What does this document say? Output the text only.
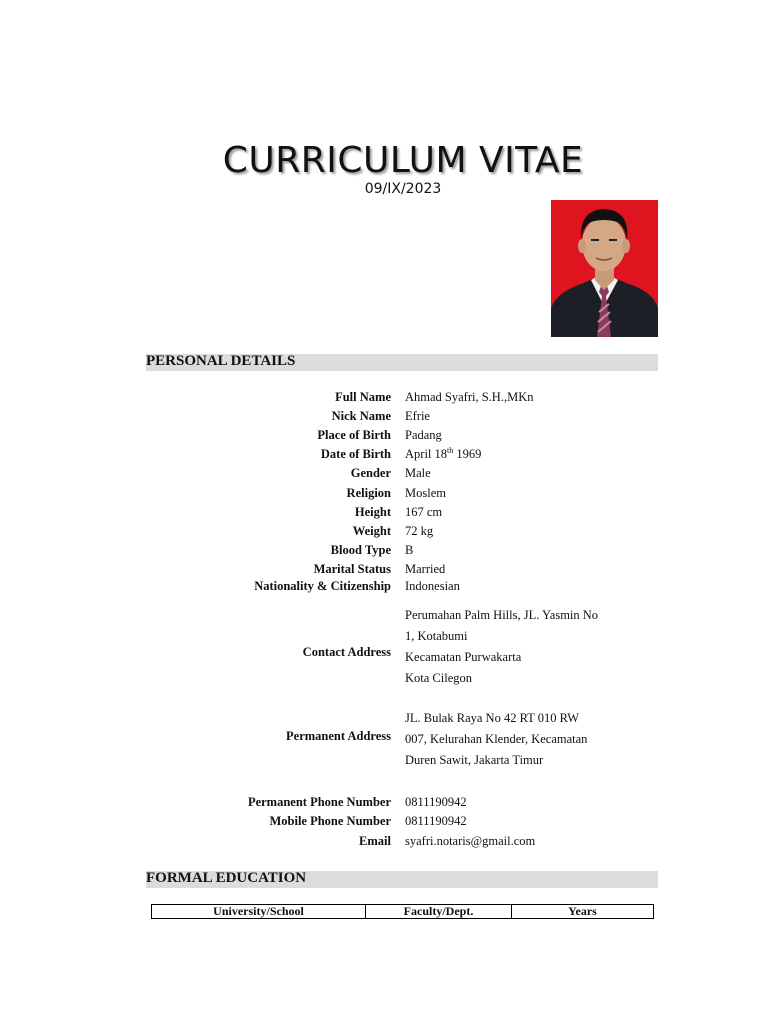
CURRICULUM VITAE
09/IX/2023
PERSONAL DETAILS
Full Name Ahmad Syafri, S.H.,MKn
Nick Name Efrie
Place of Birth Padang
Date of Birth April 18th 1969
Gender Male
Religion Moslem
Height 167 cm
Weight 72 kg
Blood Type B
Marital Status Married
Nationality & Citizenship Indonesian
Contact Address
Perumahan Palm Hills, JL. Yasmin No
1, Kotabumi
Kecamatan Purwakarta
Kota Cilegon
Permanent Address
JL. Bulak Raya No 42 RT 010 RW
007, Kelurahan Klender, Kecamatan
Duren Sawit, Jakarta Timur
Permanent Phone Number 0811190942
Mobile Phone Number 0811190942
Email syafri.notaris@gmail.com
FORMAL EDUCATION
University/School	Faculty/Dept.	Years
